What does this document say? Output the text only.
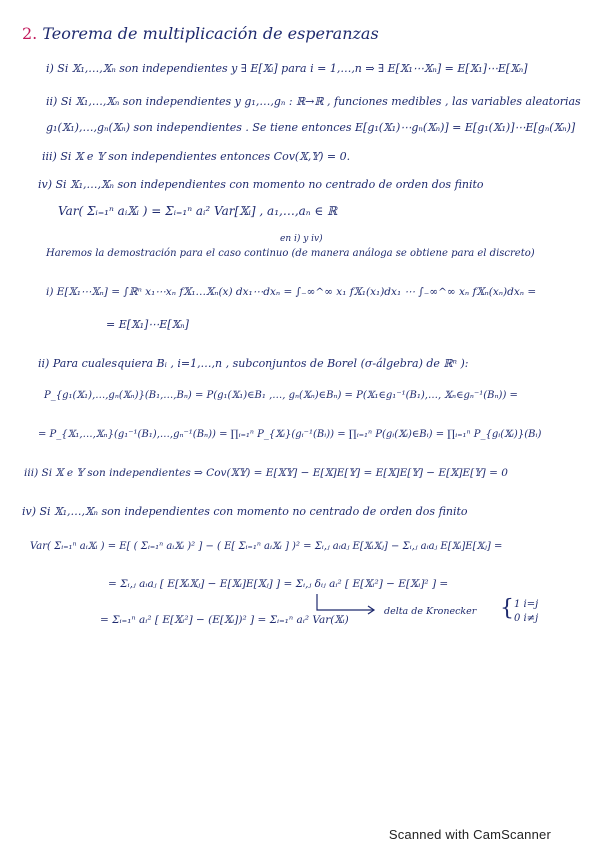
2. Teorema de multiplicación de esperanzas
i) Si 𝕏₁,…,𝕏ₙ son independientes y ∃ E[𝕏ᵢ] para i = 1,…,n ⇒ ∃ E[𝕏₁⋯𝕏ₙ] = E[𝕏₁]⋯E[𝕏ₙ]
ii) Si 𝕏₁,…,𝕏ₙ son independientes y g₁,…,gₙ : ℝ→ℝ , funciones medibles , las variables aleatorias
g₁(𝕏₁),…,gₙ(𝕏ₙ) son independientes . Se tiene entonces E[g₁(𝕏₁)⋯gₙ(𝕏ₙ)] = E[g₁(𝕏₁)]⋯E[gₙ(𝕏ₙ)]
iii) Si 𝕏 e 𝕐 son independientes entonces Cov(𝕏,𝕐) = 0.
iv) Si 𝕏₁,…,𝕏ₙ son independientes con momento no centrado de orden dos finito
Var( Σᵢ₌₁ⁿ aᵢ𝕏ᵢ ) = Σᵢ₌₁ⁿ aᵢ² Var[𝕏ᵢ] , a₁,…,aₙ ∈ ℝ
en i) y iv)
Haremos la demostración para el caso continuo (de manera análoga se obtiene para el discreto)
i) E[𝕏₁⋯𝕏ₙ] = ∫ℝⁿ x₁⋯xₙ f𝕏₁…𝕏ₙ(x) dx₁⋯dxₙ = ∫₋∞^∞ x₁ f𝕏₁(x₁)dx₁ ⋯ ∫₋∞^∞ xₙ f𝕏ₙ(xₙ)dxₙ =
= E[𝕏₁]⋯E[𝕏ₙ]
ii) Para cualesquiera Bᵢ , i=1,…,n , subconjuntos de Borel (σ-álgebra) de ℝⁿ ):
P_{g₁(𝕏₁),…,gₙ(𝕏ₙ)}(B₁,…,Bₙ) = P(g₁(𝕏₁)∈B₁ ,…, gₙ(𝕏ₙ)∈Bₙ) = P(𝕏₁∈g₁⁻¹(B₁),…, 𝕏ₙ∈gₙ⁻¹(Bₙ)) =
= P_{𝕏₁,…,𝕏ₙ}(g₁⁻¹(B₁),…,gₙ⁻¹(Bₙ)) = ∏ᵢ₌₁ⁿ P_{𝕏ᵢ}(gᵢ⁻¹(Bᵢ)) = ∏ᵢ₌₁ⁿ P(gᵢ(𝕏ᵢ)∈Bᵢ) = ∏ᵢ₌₁ⁿ P_{gᵢ(𝕏ᵢ)}(Bᵢ)
iii) Si 𝕏 e 𝕐 son independientes ⇒ Cov(𝕏𝕐) = E[𝕏𝕐] − E[𝕏]E[𝕐] = E[𝕏]E[𝕐] − E[𝕏]E[𝕐] = 0
iv) Si 𝕏₁,…,𝕏ₙ son independientes con momento no centrado de orden dos finito
Var( Σᵢ₌₁ⁿ aᵢ𝕏ᵢ ) = E[ ( Σᵢ₌₁ⁿ aᵢ𝕏ᵢ )² ] − ( E[ Σᵢ₌₁ⁿ aᵢ𝕏ᵢ ] )² = Σᵢ,ⱼ aᵢaⱼ E[𝕏ᵢ𝕏ⱼ] − Σᵢ,ⱼ aᵢaⱼ E[𝕏ᵢ]E[𝕏ⱼ] =
= Σᵢ,ⱼ aᵢaⱼ [ E[𝕏ᵢ𝕏ⱼ] − E[𝕏ᵢ]E[𝕏ⱼ] ] = Σᵢ,ⱼ δᵢⱼ aᵢ² [ E[𝕏ᵢ²] − E[𝕏ᵢ]² ] =
= Σᵢ₌₁ⁿ aᵢ² [ E[𝕏ᵢ²] − (E[𝕏ᵢ])² ] = Σᵢ₌₁ⁿ aᵢ² Var(𝕏ᵢ)
delta de Kronecker { 1 i=j
0 i≠j
Scanned with CamScanner
